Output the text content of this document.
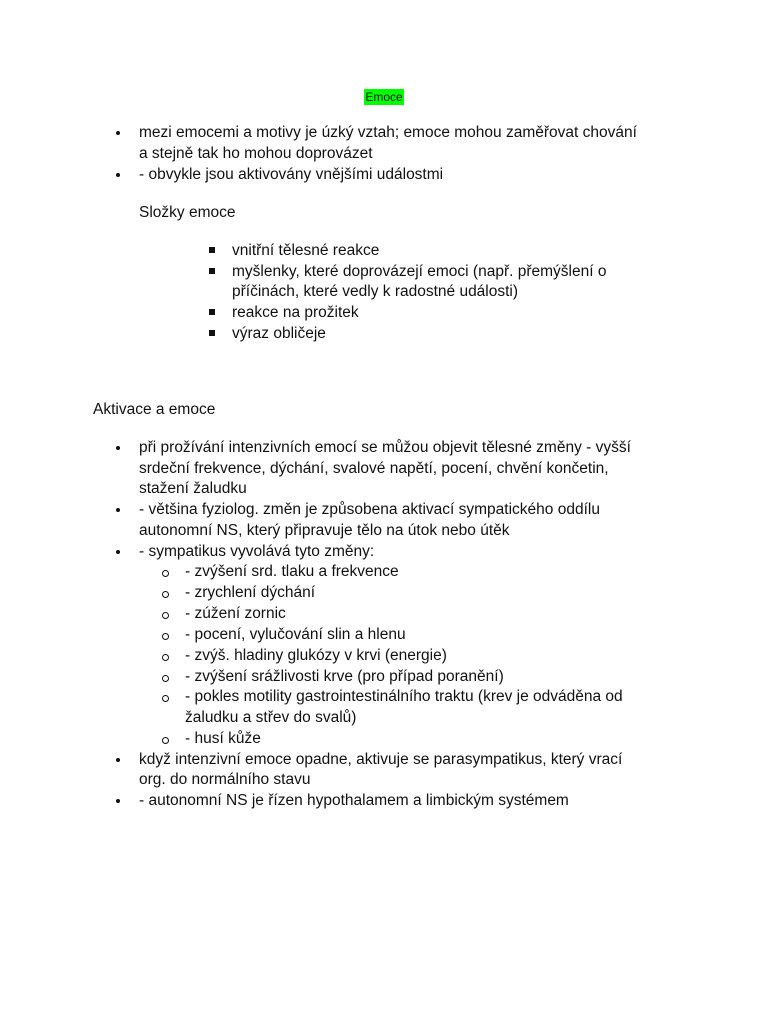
Emoce
mezi emocemi a motivy je úzký vztah; emoce mohou zaměřovat chování
a stejně tak ho mohou doprovázet
- obvykle jsou aktivovány vnějšími událostmi
Složky emoce
vnitřní tělesné reakce
myšlenky, které doprovázejí emoci (např. přemýšlení o
příčinách, které vedly k radostné události)
reakce na prožitek
výraz obličeje
Aktivace a emoce
při prožívání intenzivních emocí se můžou objevit tělesné změny - vyšší
srdeční frekvence, dýchání, svalové napětí, pocení, chvění končetin,
stažení žaludku
- většina fyziolog. změn je způsobena aktivací sympatického oddílu
autonomní NS, který připravuje tělo na útok nebo útěk
- sympatikus vyvolává tyto změny:
- zvýšení srd. tlaku a frekvence
- zrychlení dýchání
- zúžení zornic
- pocení, vylučování slin a hlenu
- zvýš. hladiny glukózy v krvi (energie)
- zvýšení srážlivosti krve (pro případ poranění)
- pokles motility gastrointestinálního traktu (krev je odváděna od
žaludku a střev do svalů)
- husí kůže
když intenzivní emoce opadne, aktivuje se parasympatikus, který vrací
org. do normálního stavu
- autonomní NS je řízen hypothalamem a limbickým systémem
